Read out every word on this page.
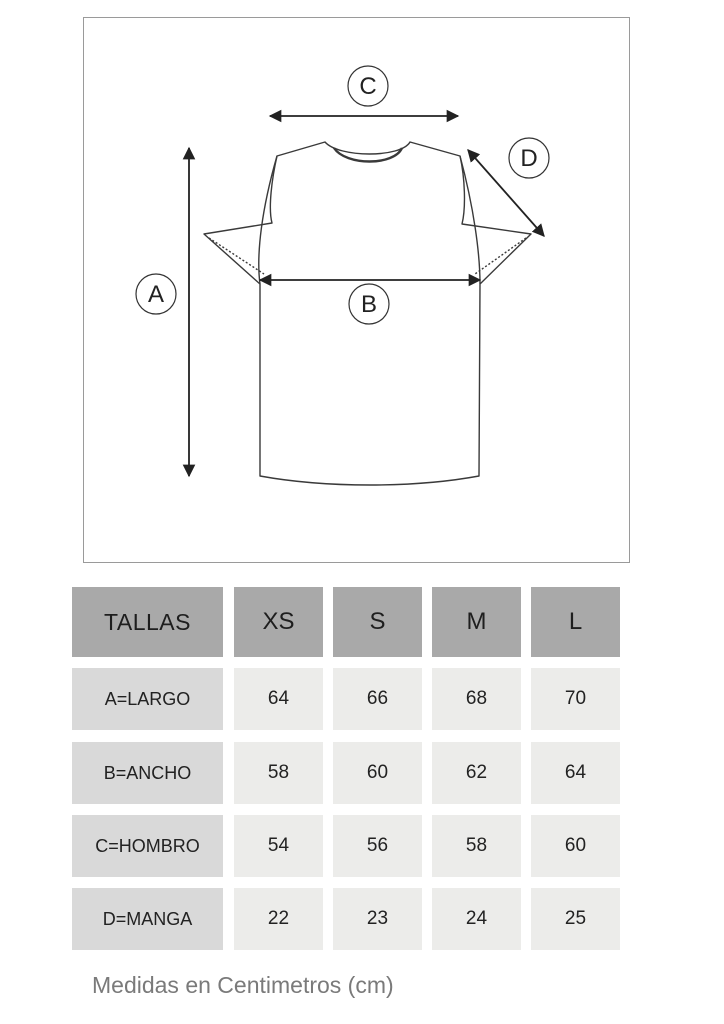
A	B
C
D
TALLAS	XS	S	M	L
A=LARGO	64	66	68	70
B=ANCHO	58	60	62	64
C=HOMBRO	54	56	58	60
D=MANGA	22	23	24	25
Medidas en Centimetros (cm)
